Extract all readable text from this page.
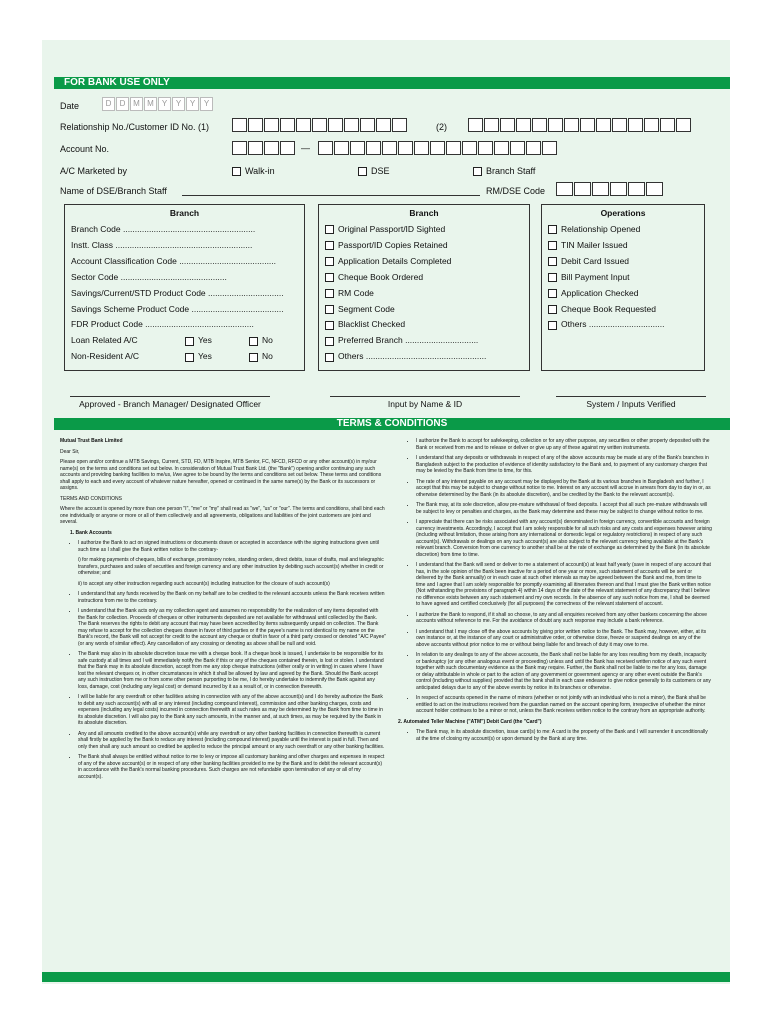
FOR BANK USE ONLY
Date	D	D M M	Y	Y	Y	Y
Relationship No./Customer ID No. (1)	(2)
Account No.	—
A/C Marketed by	Walk-in	DSE	Branch Staff
Name of DSE/Branch Staff	RM/DSE Code
Branch
Branch Code ........................................................
Instt. Class ..........................................................
Account Classification Code .........................................
Sector Code .............................................
Savings/Current/STD Product Code ................................
Savings Scheme Product Code .......................................
FDR Product Code ..............................................
Loan Related A/C	Yes	No
Non-Resident A/C	Yes	No
Branch
Original Passport/ID Sighted
Passport/ID Copies Retained
Application Details Completed
Cheque Book Ordered
RM Code
Segment Code
Blacklist Checked
Preferred Branch ...............................
Others ...................................................
Operations
Relationship Opened
TIN Mailer Issued
Debit Card Issued
Bill Payment Input
Application Checked
Cheque Book Requested
Others ................................
Approved - Branch Manager/ Designated Officer	Input by Name & ID	System / Inputs Verified
TERMS & CONDITIONS

Mutual Trust Bank Limited

Dear Sir,

Please open and/or continue a MTB Savings, Current, STD, FD, MTB Inspire, MTB Senior, FC, NFCD, RFCD or any other account(s) in my/our name(s) on the terms and conditions set out below. In consideration of Mutual Trust Bank Ltd. (the "Bank") opening and/or continuing any such accounts and providing banking facilities to me/us, I/we agree to be bound by the terms and conditions set out below. These terms and conditions shall apply to each and every account of whatever nature hereafter, opened or continued in the same name(s) by the Bank or its successors or assigns.

TERMS AND CONDITIONS

Where the account is opened by more than one person "I", "me" or "my" shall read as "we", "us" or "our". The terms and conditions, shall bind each one individually or anyone or more or all of them collectively and all agreements, obligations and liabilities of the joint customers are joint and several.

1. Bank Accounts

• I authorize the Bank to act on signed instructions or documents drawn or accepted in accordance with the signing instructions given until such time as I shall give the Bank written notice to the contrary-
i) for making payments of cheques, bills of exchange, promissory notes, standing orders, direct debits, issue of drafts, mail and telegraphic transfers, purchases and sales of securities and foreign currency and any other instruction by debiting such account(s) whether in credit or otherwise; and
ii) to accept any other instruction regarding such account(s) including instruction for the closure of such account(s)
• I understand that any funds received by the Bank on my behalf are to be credited to the relevant accounts unless the Bank receives written instructions from me to the contrary.
• I understand that the Bank acts only as my collection agent and assumes no responsibility for the realization of any items deposited with the Bank for collection. Proceeds of cheques or other instruments deposited are not available for withdrawal until collected by the Bank. The Bank reserves the rights to debit any account that may have been accredited by items subsequently unpaid on collection. The Bank may refuse to accept for the collection cheques drawn in favor of third parties or if the payee's name is not identical to my name on the Bank's record, the Bank will not accept for credit to the account any cheque or draft in favor of a third party crossed or denoted "A/C Payee" (or any words of similar effect). Any cancellation of any crossing or denoting as above shall be null and void.
• The Bank may also in its absolute discretion issue me with a cheque book. If a cheque book is issued, I undertake to be responsible for its safe custody at all times and I will immediately notify the Bank if this or any of the cheques contained therein, is lost or stolen. I understand that the Bank may in its absolute discretion, accept from me any stop cheque instructions (either orally or in writing) in cases where I have lost the relevant cheques or, in other circumstances in which it shall be allowed by law and agreed by the Bank. Should the Bank accept any such instruction from me or from some other person purporting to be me, I do hereby undertake to indemnify the Bank against any loss, damage, cost (including any legal cost) or demand incurred by it as a result of, or in connection therewith.
• I will be liable for any overdraft or other facilities arising in connection with any of the above account(s) and I do hereby authorize the Bank to debit any such account(s) with all or any interest (including compound interest), commission and other banking charges, costs and expenses (including any legal costs) incurred in connection therewith at such rates as may be determined by the Bank from time to time in its absolute discretion. I will also pay to the Bank any such amounts, in the manner and, at such times, as may be required by the Bank in its absolute discretion.
• Any and all amounts credited to the above account(s) while any overdraft or any other banking facilities in connection therewith is current shall firstly be applied by the Bank to reduce any interest (including compound interest) payable until the interest is paid in full. Then and only then shall any such amount so credited be applied to reduce the principal amount or any such overdraft or any other banking facilities.
• The Bank shall always be entitled without notice to me to levy or impose all customary banking and other charges and expenses in respect of any of the above account(s) or in respect of any other banking facilities provided to me by the Bank and to debit the relevant account(s) in accordance with the Bank's normal banking procedures. Such charges are not refundable upon termination of any or all of my account(s).
• I authorize the Bank to accept for safekeeping, collection or for any other purpose, any securities or other property deposited with the Bank or received from me and to release or deliver or give up any of these against my written instruments.
• I understand that any deposits or withdrawals in respect of any of the above accounts may be made at any of the Bank's branches in Bangladesh subject to the production of evidence of identity satisfactory to the Bank and, to payment of any customary charges that may be levied by the Bank from time to time, for this.
• The rate of any interest payable on any account may be displayed by the Bank at its various branches in Bangladesh and further, I accept that this may be subject to change without notice to me. Interest on any account will accrue in arrears from day to day in or, as otherwise determined by the Bank (in its absolute discretion), and be credited by the Bank to the relevant account(s).
• The Bank may, at its sole discretion, allow pre-mature withdrawal of fixed deposits. I accept that all such pre-mature withdrawals will be subject to levy or penalties and charges, as the Bank may determine and these may be subject to change without notice to me.
• I appreciate that there can be risks associated with any account(s) denominated in foreign currency, convertible accounts and foreign currency investments. Accordingly, I accept that I am solely responsible for all such risks and any costs and expenses however arising (including without limitation, those arising from any international or domestic legal or regulatory restrictions) in respect of any such account(s). Withdrawals or dealings on any such account(s) are also subject to the relevant currency being available at the Bank's relevant branch. Conversion from one currency to another shall be at the rate of exchange as determined by the Bank (in its absolute discretion) from time to time.
• I understand that the Bank will send or deliver to me a statement of account(s) at least half yearly (save in respect of any account that has, in the sole opinion of the Bank been inactive for a period of one year or more, such statement of accounts will be sent or delivered by the Bank annually) or in each case at such other intervals as may be agreed between the Bank and me, from time to time and I agree that I am solely responsible for promptly examining all itineraries thereon and that I must give the Bank written notice (Not withstanding the provisions of paragraph 4) within 14 days of the date of the relevant statement of any discrepancy that I believe no difference exists between any such statement and my own records. In the absence of any such notice from me, I shall be deemed to have agreed and certified conclusively (for all purposes) the correctness of the relevant statement of account.
• I authorize the Bank to respond, if it shall so choose, to any and all enquiries received from any other bankers concerning the above accounts without reference to me. For the avoidance of doubt any such response may include a bank reference.
• I understand that I may close off the above accounts by giving prior written notice to the Bank. The Bank may, however, either, at its own instance or, at the instance of any court or administrative order, or otherwise close, freeze or suspend dealings on any of the above accounts without prior notice to me or without being liable for and breach of duty it may owe to me.
• In relation to any dealings to any of the above accounts, the Bank shall not be liable for any loss resulting from my death, incapacity or bankruptcy (or any other analogous event or proceeding) unless and until the Bank has received written notice of any such event together with such documentary evidence as the Bank may require. Further, the Bank shall not be liable to me for any loss, damage or delay attributable in whole or part to the action of any government or government agency or any other event outside the Bank's control (including without supplies) provided that the bank shall in each case endeavor to give notice generally to its customers or any anticipated delays due to any of the above events by notice in its branches or otherwise.
• In respect of accounts opened in the name of minors (whether or not jointly with an individual who is not a minor), the Bank shall be entitled to act on the instructions received from the guardian named on the account opening form, irrespective of whether the minor account holder continues to be a minor or not, unless the Bank receives written notice to the contrary from an appropriate authority.

2. Automated Teller Machine ("ATM") Debit Card (the "Card")

• The Bank may, in its absolute discretion, issue card(s) to me: A card is the property of the Bank and I will surrender it unconditionally at the time of closing my account(s) or upon demand by the Bank at any time.
